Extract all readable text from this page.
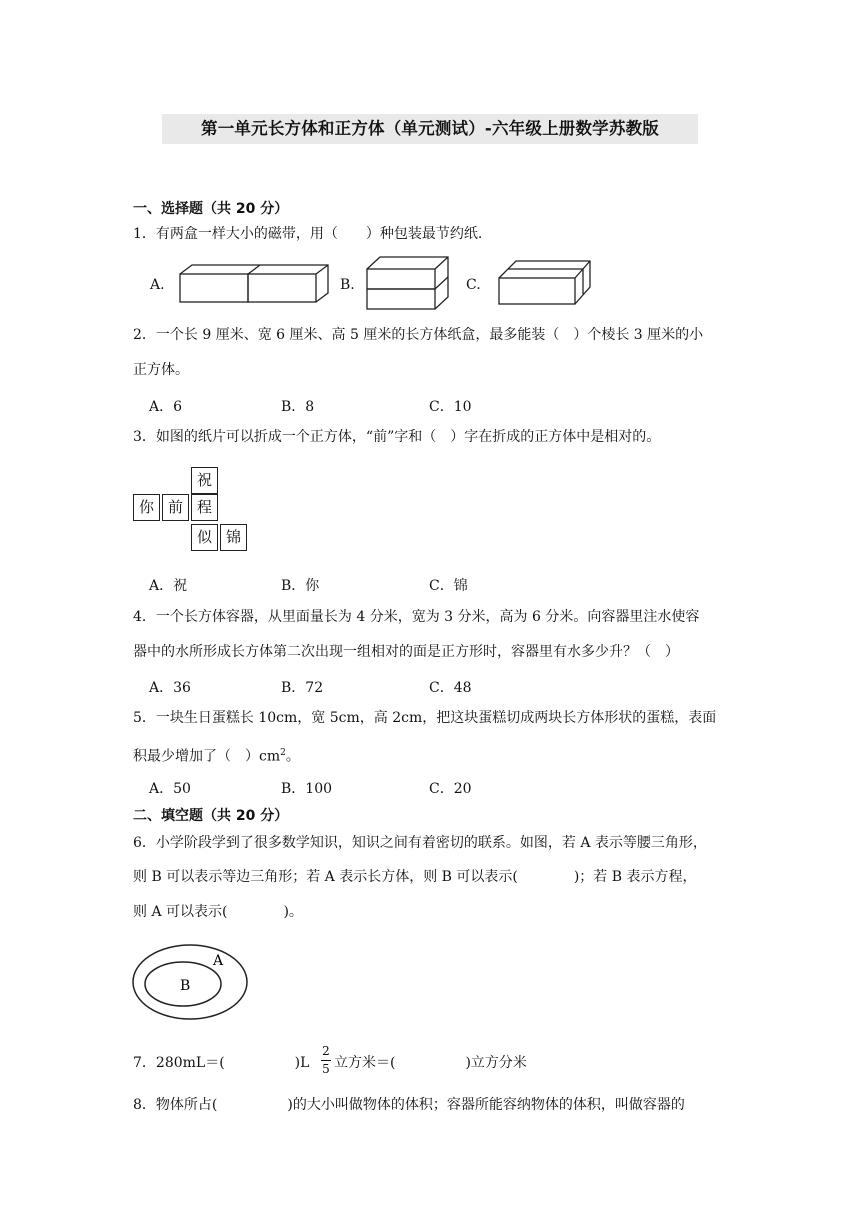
第一单元长方体和正方体（单元测试）-六年级上册数学苏教版
一、选择题（共 20 分）
1．有两盒一样大小的磁带，用（　　）种包装最节约纸.
A.	B.	C.
2．一个长 9 厘米、宽 6 厘米、高 5 厘米的长方体纸盒，最多能装（　）个棱长 3 厘米的小
正方体。
A．6	B．8	C．10
3．如图的纸片可以折成一个正方体，“前”字和（　）字在折成的正方体中是相对的。
祝
你 前 程
似 锦
A．祝	B．你	C．锦
4．一个长方体容器，从里面量长为 4 分米，宽为 3 分米，高为 6 分米。向容器里注水使容
器中的水所形成长方体第二次出现一组相对的面是正方形时，容器里有水多少升？（　）
A．36	B．72	C．48
5．一块生日蛋糕长 10cm，宽 5cm，高 2cm，把这块蛋糕切成两块长方体形状的蛋糕，表面
积最少增加了（　）$cm^2$。
A．50	B．100	C．20
二、填空题（共 20 分）
6．小学阶段学到了很多数学知识，知识之间有着密切的联系。如图，若 A 表示等腰三角形，
则 B 可以表示等边三角形；若 A 表示长方体，则 B 可以表示(　　　　)；若 B 表示方程，
则 A 可以表示(　　　　)。
A
B
7．280mL＝(　　　　　)L
2
5 立方米＝(　　　　　)立方分米
8．物体所占(　　　　　)的大小叫做物体的体积；容器所能容纳物体的体积，叫做容器的
